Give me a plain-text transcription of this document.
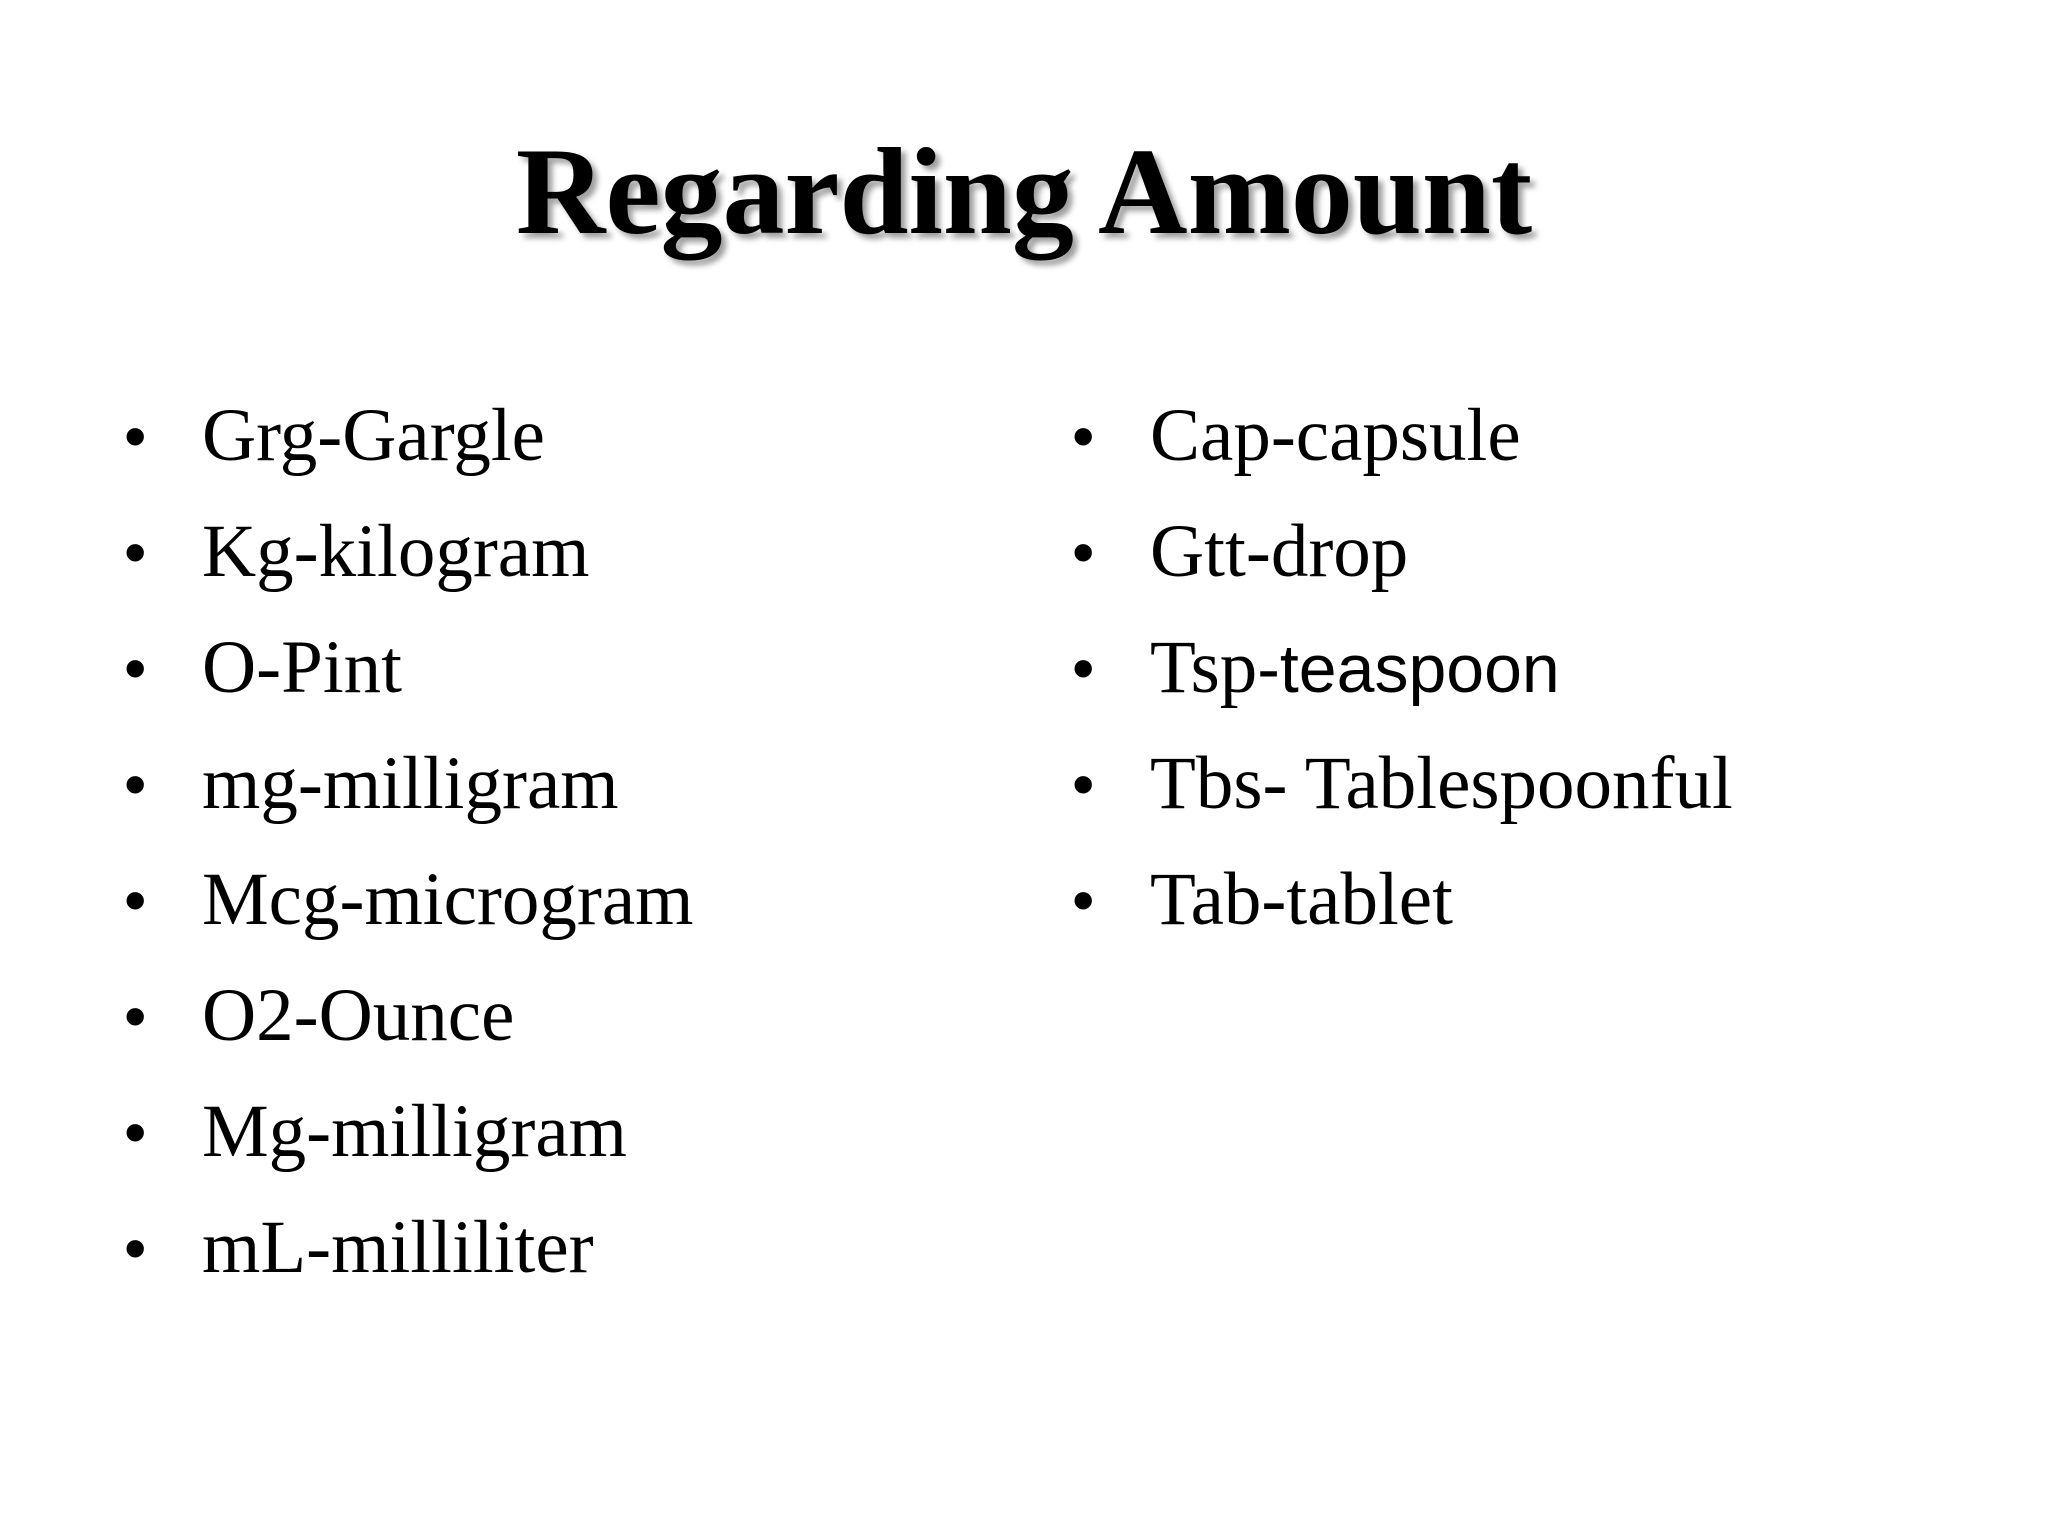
Regarding Amount
• Grg-Gargle
• Kg-kilogram
• O-Pint
• mg-milligram
• Mcg-microgram
• O2-Ounce
• Mg-milligram
• mL-milliliter
• Cap-capsule
• Gtt-drop
• Tsp-teaspoon
• Tbs- Tablespoonful
• Tab-tablet
